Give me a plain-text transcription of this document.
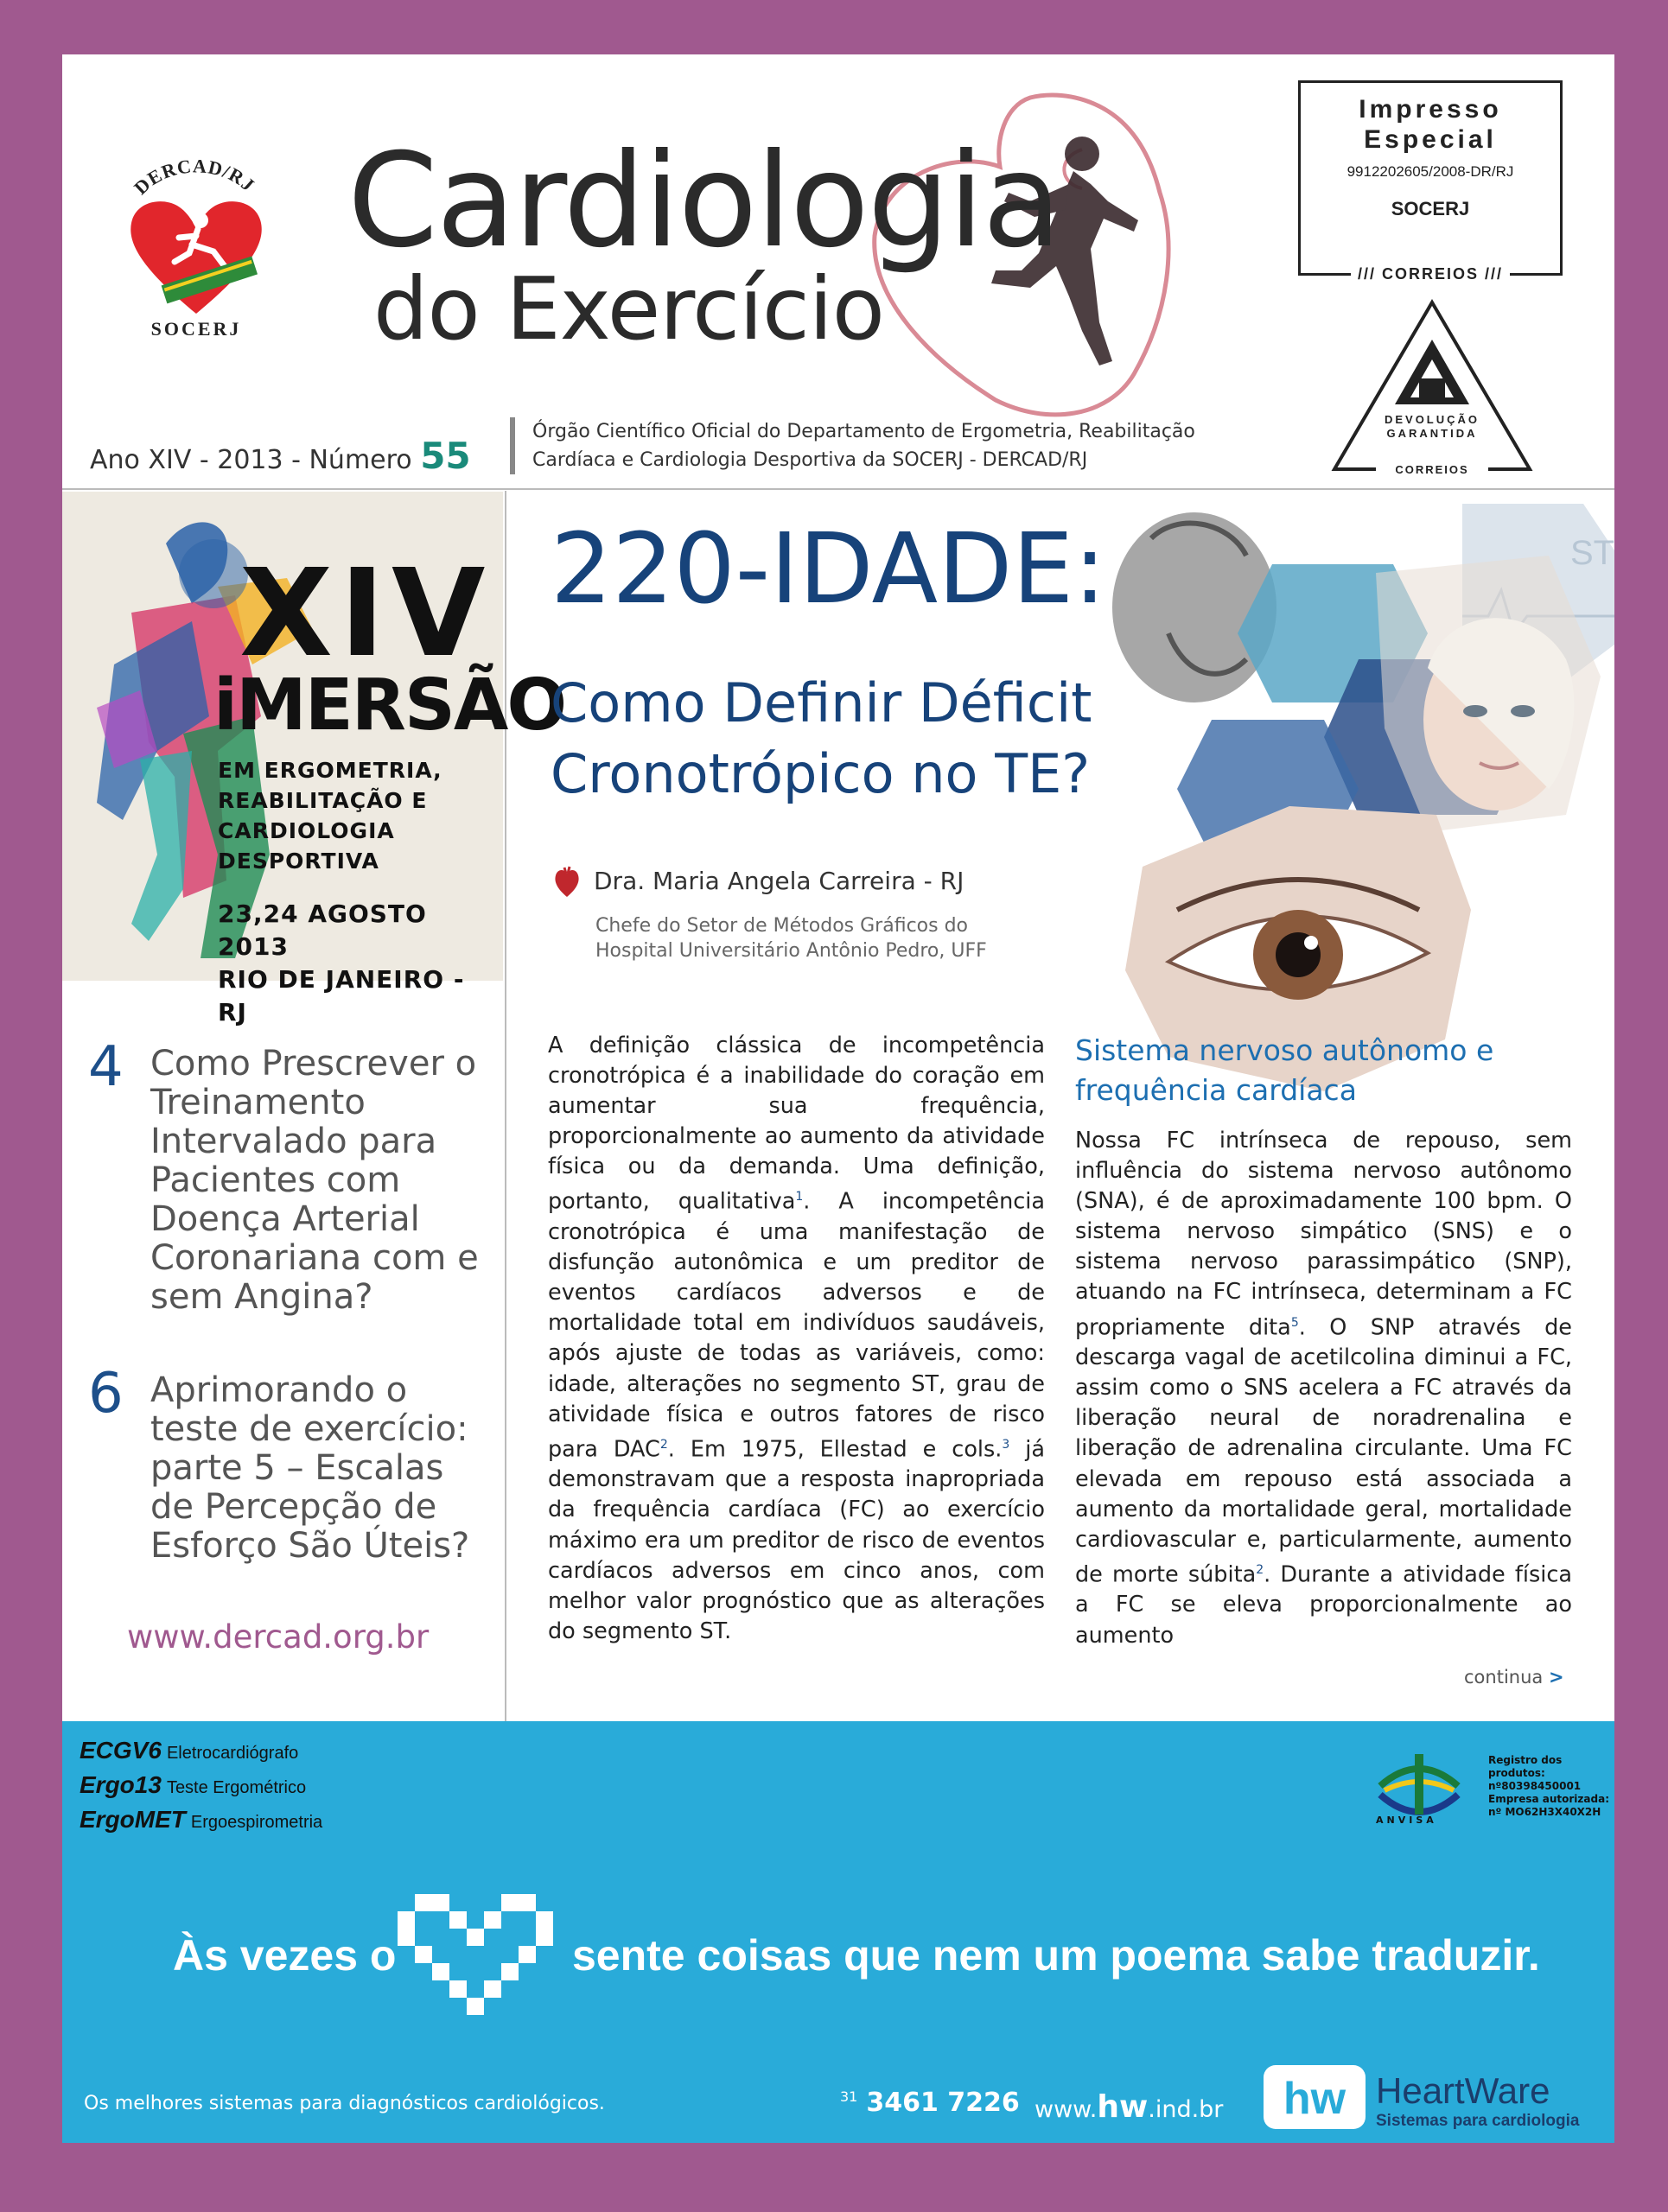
DERCAD/RJ
SOCERJ
Cardiologia
do Exercício
Impresso
Especial
9912202605/2008-DR/RJ
SOCERJ
/// CORREIOS ///
DEVOLUÇÃO
GARANTIDA
CORREIOS
Ano XIV - 2013 - Número 55
Órgão Científico Oficial do Departamento de Ergometria, Reabilitação
Cardíaca e Cardiologia Desportiva da SOCERJ - DERCAD/RJ
XIV
iMERSÃO
EM ERGOMETRIA,
REABILITAÇÃO E
CARDIOLOGIA
DESPORTIVA
23,24 AGOSTO 2013
RIO DE JANEIRO - RJ
4 Como Prescrever o Treinamento Intervalado para Pacientes com Doença Arterial Coronariana com e sem Angina?
6 Aprimorando o teste de exercício: parte 5 – Escalas de Percepção de Esforço São Úteis?
www.dercad.org.br
220-IDADE:
Como Definir Déficit
Cronotrópico no TE?
Dra. Maria Angela Carreira - RJ
Chefe do Setor de Métodos Gráficos do
Hospital Universitário Antônio Pedro, UFF
ST
A definição clássica de incompetência cronotrópica é a inabilidade do coração em aumentar sua frequência, proporcionalmente ao aumento da atividade física ou da demanda. Uma definição, portanto, qualitativa$^1$. A incompetência cronotrópica é uma manifestação de disfunção autonômica e um preditor de eventos cardíacos adversos e de mortalidade total em indivíduos saudáveis, após ajuste de todas as variáveis, como: idade, alterações no segmento ST, grau de atividade física e outros fatores de risco para DAC$^2$. Em 1975, Ellestad e cols.$^3$ já demonstravam que a resposta inapropriada da frequência cardíaca (FC) ao exercício máximo era um preditor de risco de eventos cardíacos adversos em cinco anos, com melhor valor prognóstico que as alterações do segmento ST.
Sistema nervoso autônomo e frequência cardíaca
Nossa FC intrínseca de repouso, sem influência do sistema nervoso autônomo (SNA), é de aproximadamente 100 bpm. O sistema nervoso simpático (SNS) e o sistema nervoso parassimpático (SNP), atuando na FC intrínseca, determinam a FC propriamente dita$^5$. O SNP através de descarga vagal de acetilcolina diminui a FC, assim como o SNS acelera a FC através da liberação neural de noradrenalina e liberação de adrenalina circulante. Uma FC elevada em repouso está associada a aumento da mortalidade geral, mortalidade cardiovascular e, particularmente, aumento de morte súbita$^2$. Durante a atividade física a FC se eleva proporcionalmente ao aumento
continua >
ECGV6 Eletrocardiógrafo
Ergo13 Teste Ergométrico
ErgoMET Ergoespirometria	ANVISA
Registro dos produtos:
nº80398450001
Empresa autorizada:
nº MO62H3X40X2H
Às vezes o	sente coisas que nem um poema sabe traduzir.
Os melhores sistemas para diagnósticos cardiológicos.	$^{31}$ 3461 7226 www.hw.ind.br hw HeartWare
Sistemas para cardiologia
